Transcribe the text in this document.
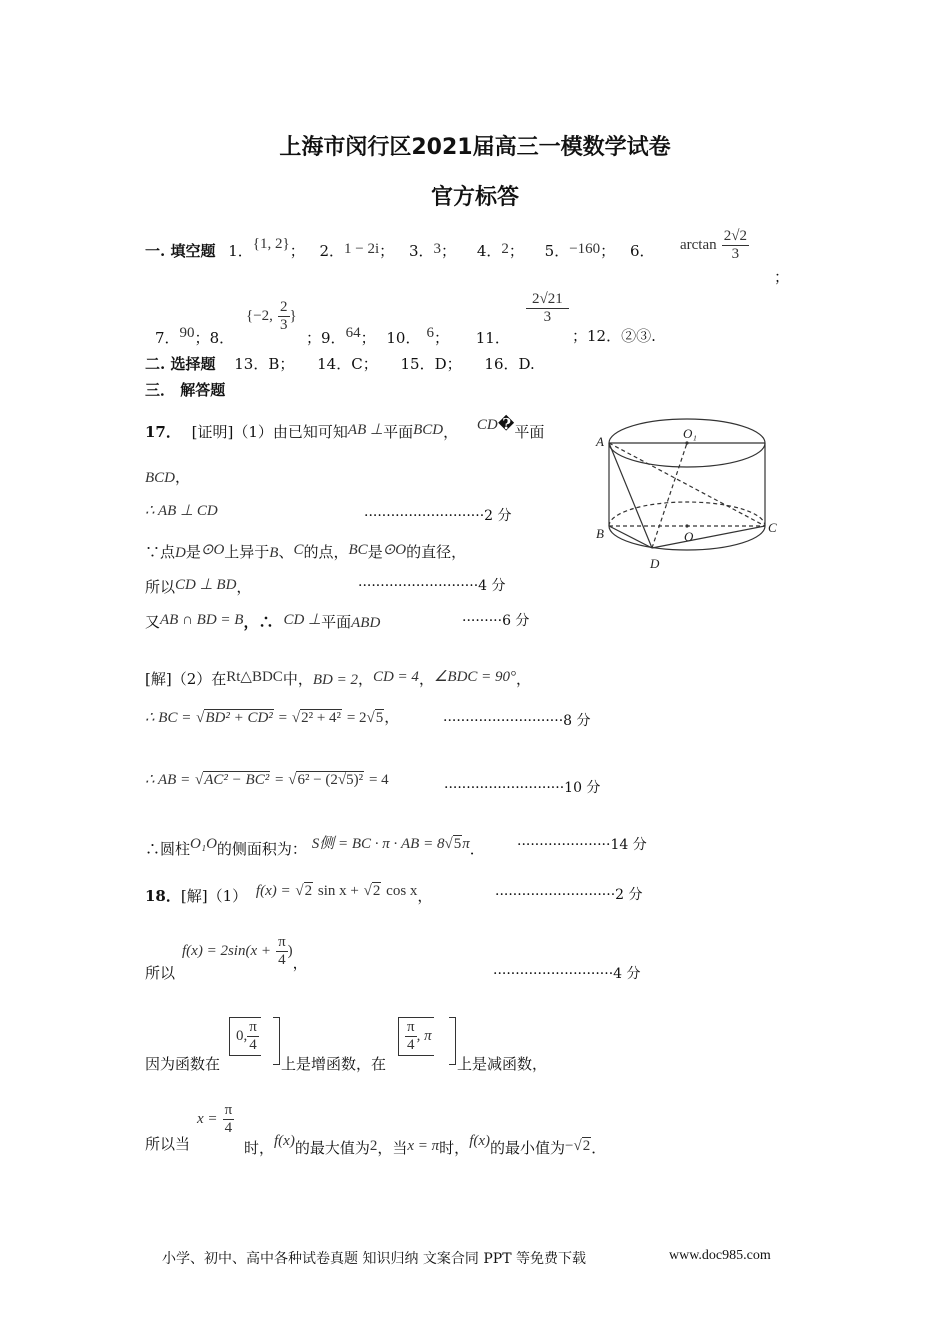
上海市闵行区2021届高三一模数学试卷
官方标答
一. 填空题 1．{1, 2}； 2．1 − 2i； 3．3； 4．2； 5．−160； 6． $\arctan \frac{2√2}{3}$
；
7．90；8．
{−2, $\frac{2}{3}$ }
；9．64； 10． 6； 11．
$\frac{2√21}{3}$
；12．②③.
二. 选择题 13．B； 14．C； 15．D； 16．D.
三． 解答题
17． [证明]（1）由已知可知AB ⊥平面BCD， CD�平面
BCD，
∴ AB ⊥ CD	···························2 分
∵点D是⊙O上异于B、C的点，BC是⊙O的直径，
所以CD ⊥ BD，	···························4 分
又AB ∩ BD = B，∴ CD ⊥平面ABD	·········6 分
A
O₁
B	O
C
D
[解]（2）在Rt△BDC中，BD = 2，CD = 4，∠BDC = 90°，
∴ BC = √BD² + CD² = √2² + 4² = 2√5，	···························8 分
∴ AB = √AC² − BC² = √6² − (2√5)² = 4	···························10 分
∴圆柱O₁O的侧面积为： S侧 = BC · π · AB = 8√5π． ·····················14 分
18．[解]（1） f(x) = √2 sin x + √2 cos x，	···························2 分
所以
$f(x) = 2\sin(x + \frac{\pi}{4}$ )，
···························4 分
因为函数在
0, $\frac{\pi}{4}$
上是增函数，在
$\frac{\pi}{4}$ , π
上是减函数，
所以当
$x = \frac{\pi}{4}$
时，f(x)的最大值为2，当x = π时，f(x)的最小值为−√2．
小学、初中、高中各种试卷真题 知识归纳 文案合同 PPT 等免费下载	www.doc985.com
